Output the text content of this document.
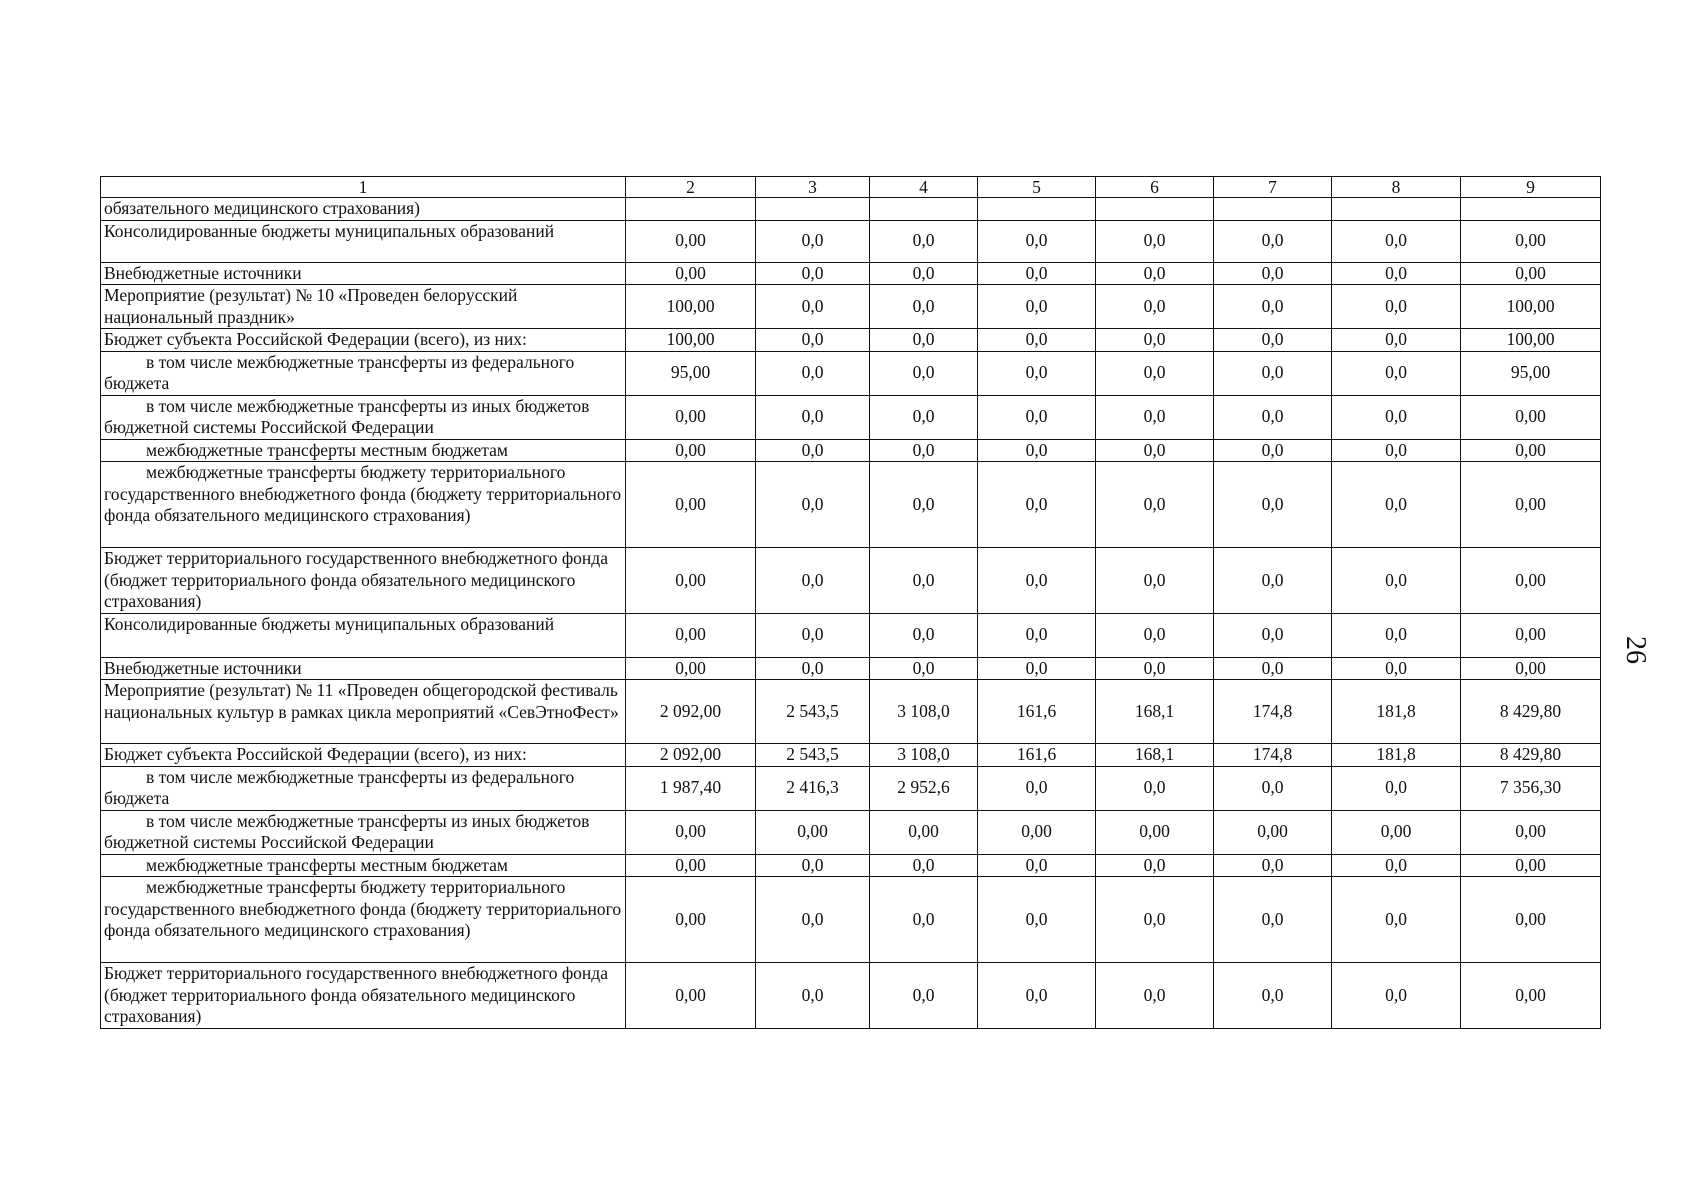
1	2	3	4	5	6	7	8	9
обязательного медицинского страхования)								
Консолидированные бюджеты муниципальных образований	0,00	0,0	0,0	0,0	0,0	0,0	0,0	0,00
Внебюджетные источники	0,00	0,0	0,0	0,0	0,0	0,0	0,0	0,00
Мероприятие (результат) № 10 «Проведен белорусский национальный праздник»	100,00	0,0	0,0	0,0	0,0	0,0	0,0	100,00
Бюджет субъекта Российской Федерации (всего), из них:	100,00	0,0	0,0	0,0	0,0	0,0	0,0	100,00
в том числе межбюджетные трансферты из федерального бюджета	95,00	0,0	0,0	0,0	0,0	0,0	0,0	95,00
в том числе межбюджетные трансферты из иных бюджетов бюджетной системы Российской Федерации	0,00	0,0	0,0	0,0	0,0	0,0	0,0	0,00
межбюджетные трансферты местным бюджетам	0,00	0,0	0,0	0,0	0,0	0,0	0,0	0,00
межбюджетные трансферты бюджету территориального государственного внебюджетного фонда (бюджету территориального фонда обязательного медицинского страхования)	0,00	0,0	0,0	0,0	0,0	0,0	0,0	0,00
Бюджет территориального государственного внебюджетного фонда (бюджет территориального фонда обязательного медицинского страхования)	0,00	0,0	0,0	0,0	0,0	0,0	0,0	0,00
Консолидированные бюджеты муниципальных образований	0,00	0,0	0,0	0,0	0,0	0,0	0,0	0,00
Внебюджетные источники	0,00	0,0	0,0	0,0	0,0	0,0	0,0	0,00
Мероприятие (результат) № 11 «Проведен общегородской фестиваль национальных культур в рамках цикла мероприятий «СевЭтноФест»	2 092,00	2 543,5	3 108,0	161,6	168,1	174,8	181,8	8 429,80
Бюджет субъекта Российской Федерации (всего), из них:	2 092,00	2 543,5	3 108,0	161,6	168,1	174,8	181,8	8 429,80
в том числе межбюджетные трансферты из федерального бюджета	1 987,40	2 416,3	2 952,6	0,0	0,0	0,0	0,0	7 356,30
в том числе межбюджетные трансферты из иных бюджетов бюджетной системы Российской Федерации	0,00	0,00	0,00	0,00	0,00	0,00	0,00	0,00
межбюджетные трансферты местным бюджетам	0,00	0,0	0,0	0,0	0,0	0,0	0,0	0,00
межбюджетные трансферты бюджету территориального государственного внебюджетного фонда (бюджету территориального фонда обязательного медицинского страхования)	0,00	0,0	0,0	0,0	0,0	0,0	0,0	0,00
Бюджет территориального государственного внебюджетного фонда (бюджет территориального фонда обязательного медицинского страхования)	0,00	0,0	0,0	0,0	0,0	0,0	0,0	0,00
26
